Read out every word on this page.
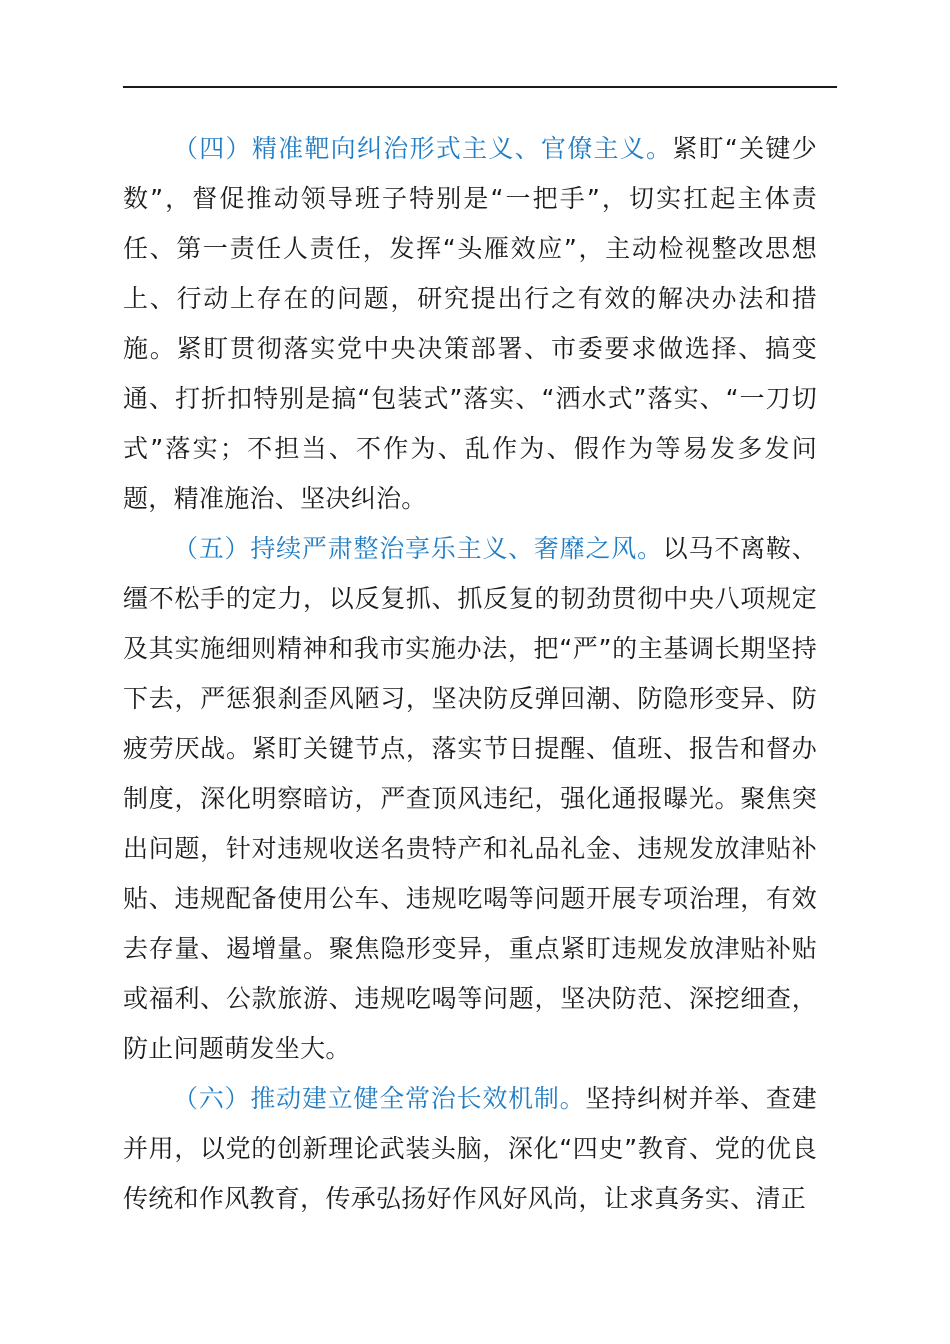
（四）精准靶向纠治形式主义、官僚主义。紧盯“关键少数”，督促推动领导班子特别是“一把手”，切实扛起主体责任、第一责任人责任，发挥“头雁效应”，主动检视整改思想上、行动上存在的问题，研究提出行之有效的解决办法和措施。紧盯贯彻落实党中央决策部署、市委要求做选择、搞变通、打折扣特别是搞“包装式”落实、“洒水式”落实、“一刀切式”落实；不担当、不作为、乱作为、假作为等易发多发问题，精准施治、坚决纠治。

（五）持续严肃整治享乐主义、奢靡之风。以马不离鞍、缰不松手的定力，以反复抓、抓反复的韧劲贯彻中央八项规定及其实施细则精神和我市实施办法，把“严”的主基调长期坚持下去，严惩狠刹歪风陋习，坚决防反弹回潮、防隐形变异、防疲劳厌战。紧盯关键节点，落实节日提醒、值班、报告和督办制度，深化明察暗访，严查顶风违纪，强化通报曝光。聚焦突出问题，针对违规收送名贵特产和礼品礼金、违规发放津贴补贴、违规配备使用公车、违规吃喝等问题开展专项治理，有效去存量、遏增量。聚焦隐形变异，重点紧盯违规发放津贴补贴或福利、公款旅游、违规吃喝等问题，坚决防范、深挖细查，防止问题萌发坐大。

（六）推动建立健全常治长效机制。坚持纠树并举、查建并用，以党的创新理论武装头脑，深化“四史”教育、党的优良传统和作风教育，传承弘扬好作风好风尚，让求真务实、清正
